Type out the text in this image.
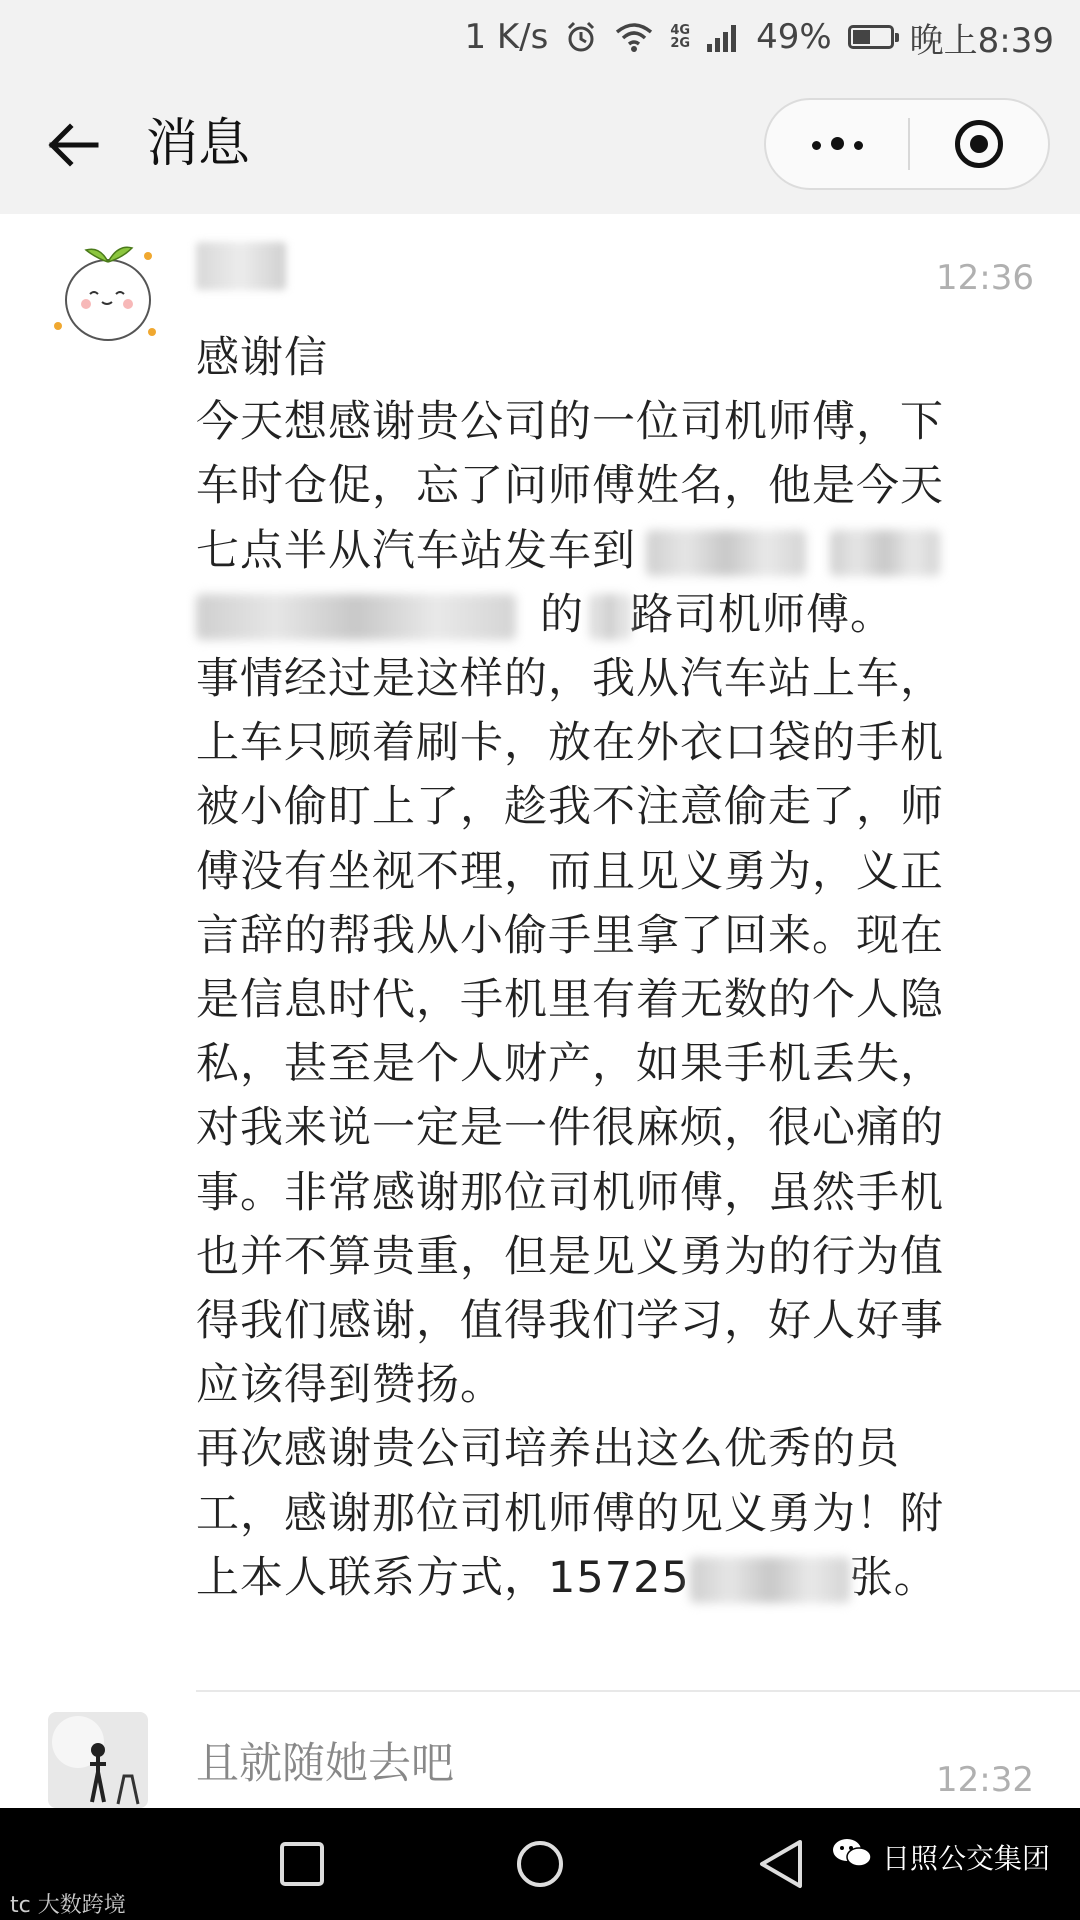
1 K/s	4G
2G 49% 晚上8:39
消息
12:36

感谢信

今天想感谢贵公司的一位司机师傅，下

车时仓促，忘了问师傅姓名，他是今天

七点半从汽车站发车到

的 路司机师傅。

事情经过是这样的，我从汽车站上车，

上车只顾着刷卡，放在外衣口袋的手机

被小偷盯上了，趁我不注意偷走了，师

傅没有坐视不理，而且见义勇为，义正

言辞的帮我从小偷手里拿了回来。现在

是信息时代，手机里有着无数的个人隐

私，甚至是个人财产，如果手机丢失，

对我来说一定是一件很麻烦，很心痛的

事。非常感谢那位司机师傅，虽然手机

也并不算贵重，但是见义勇为的行为值

得我们感谢，值得我们学习，好人好事

应该得到赞扬。

再次感谢贵公司培养出这么优秀的员

工，感谢那位司机师傅的见义勇为！附

上本人联系方式，15725	张。

且就随她去吧	12:32
tc 大数跨境
日照公交集团
